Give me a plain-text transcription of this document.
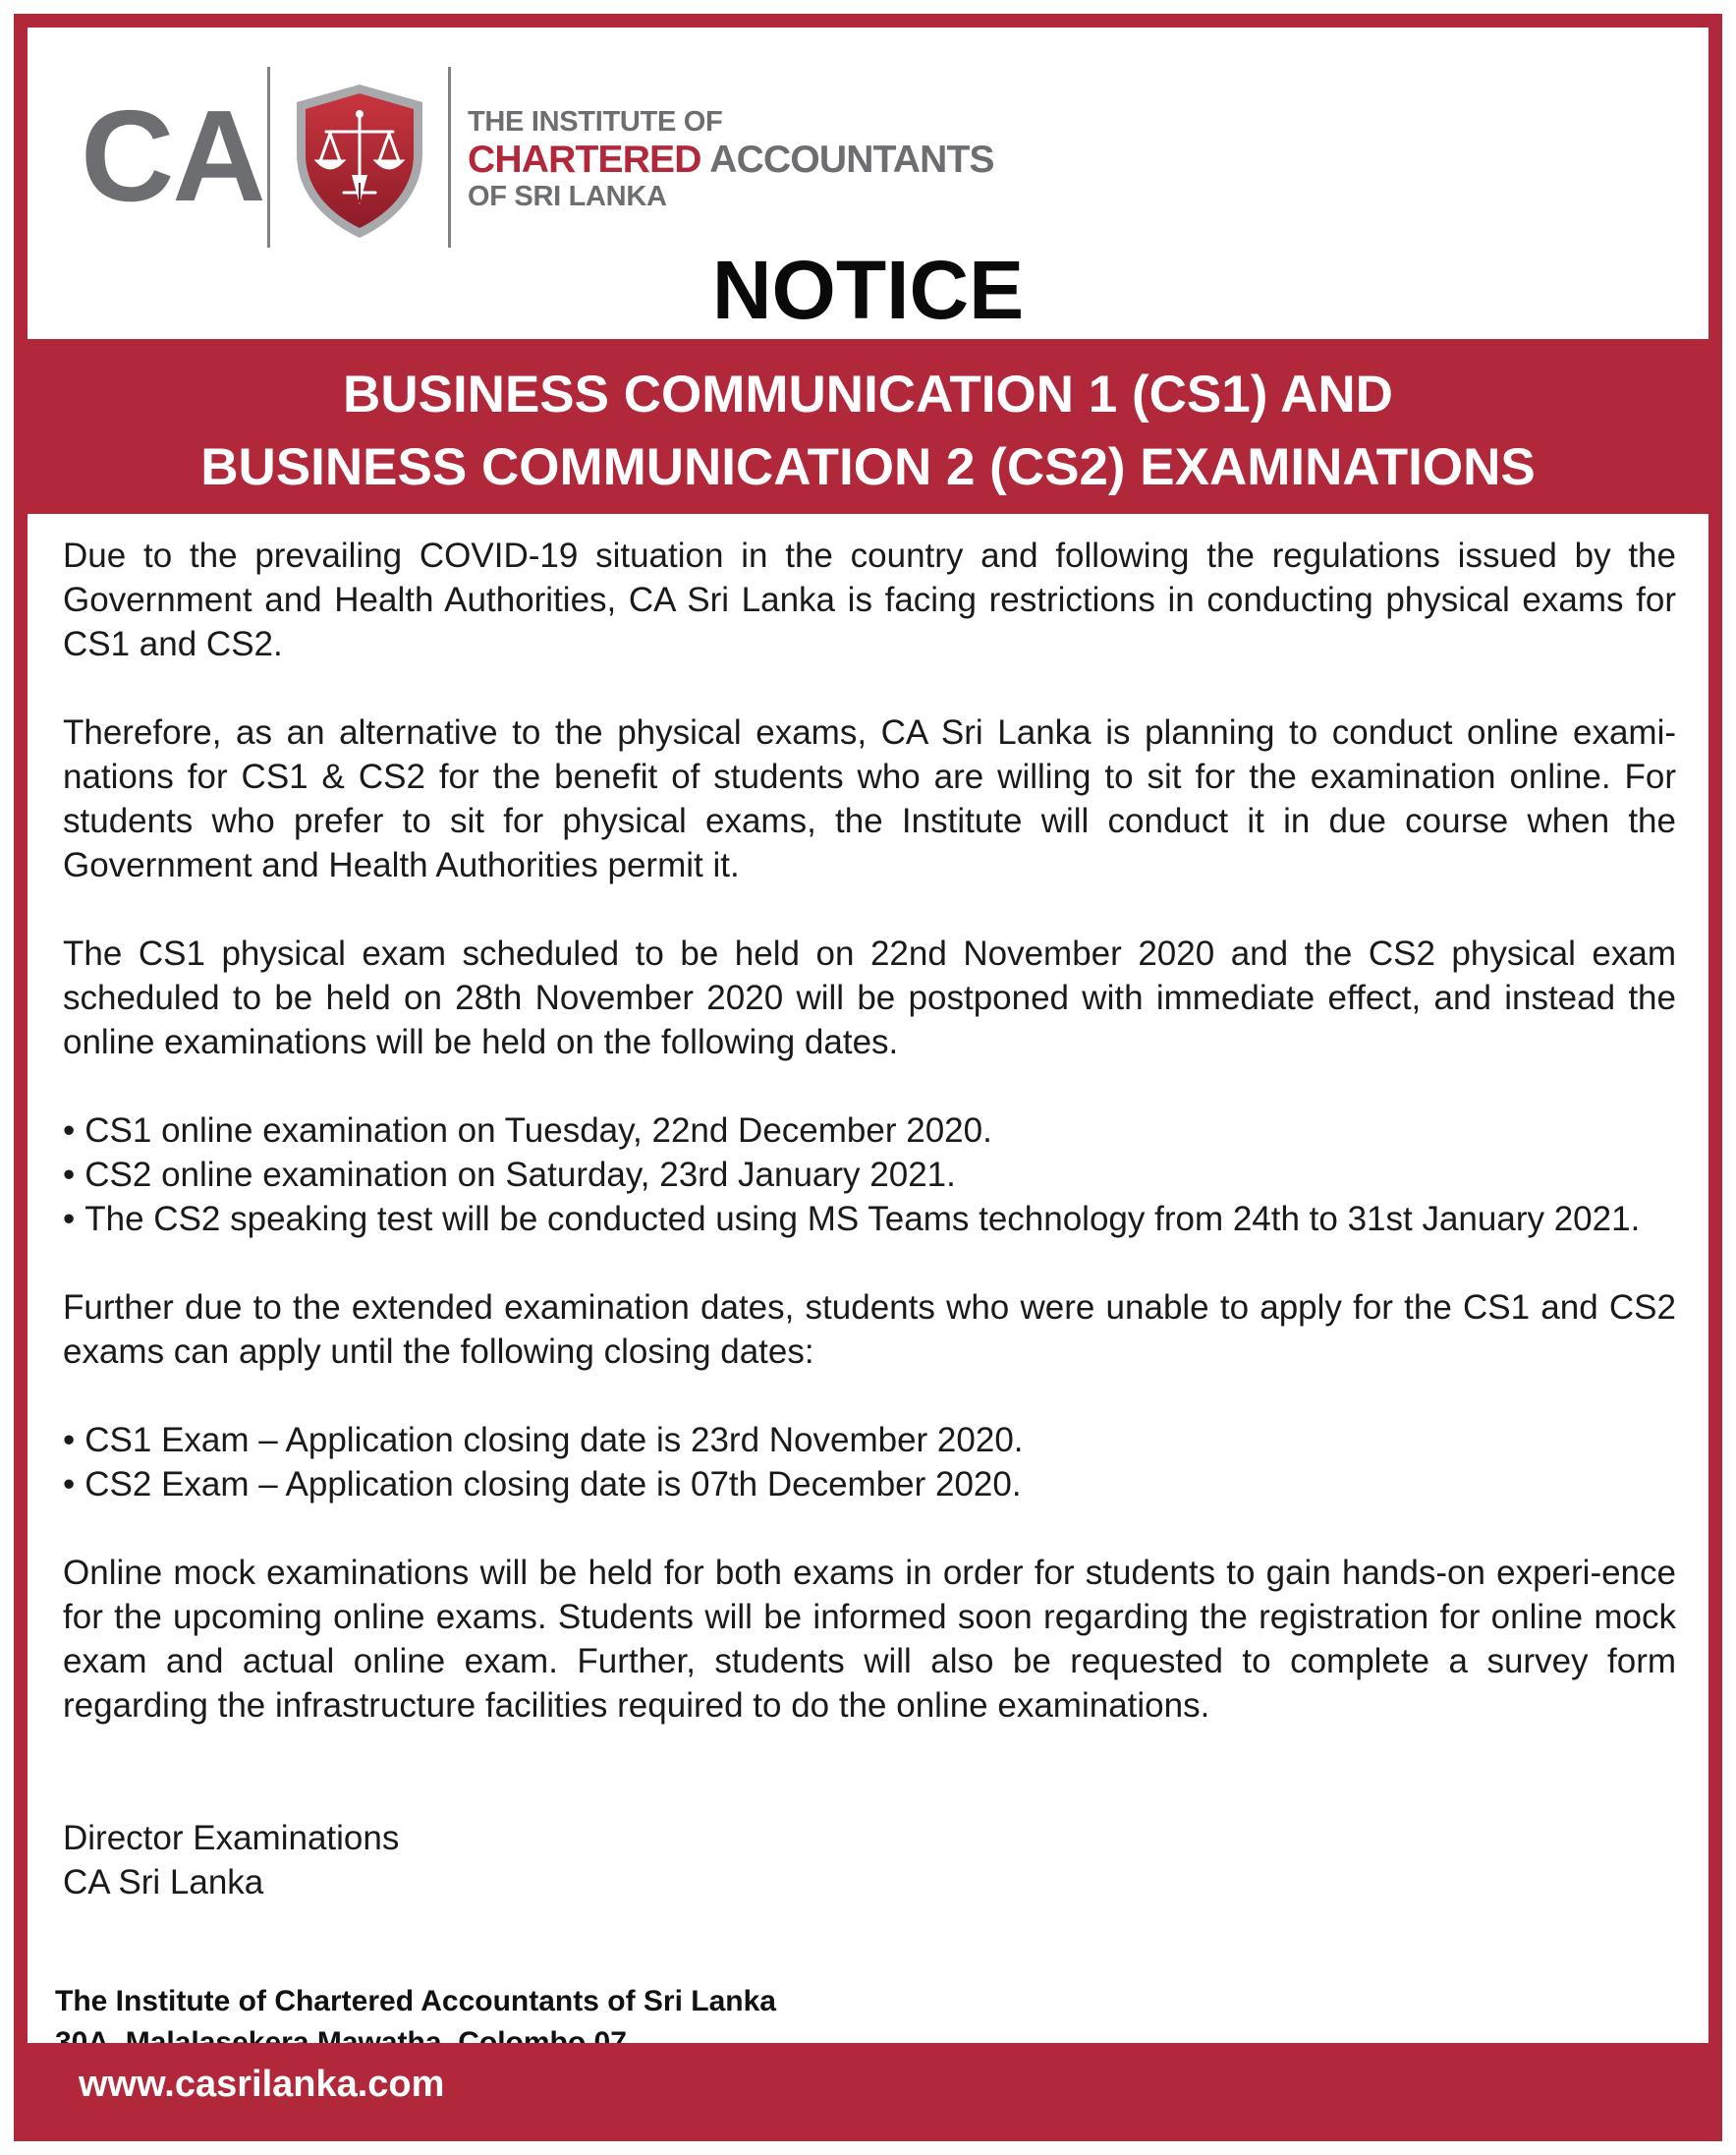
CA	THE INSTITUTE OF
CHARTERED ACCOUNTANTS
OF SRI LANKA
NOTICE
BUSINESS COMMUNICATION 1 (CS1) AND
BUSINESS COMMUNICATION 2 (CS2) EXAMINATIONS

Due to the prevailing COVID-19 situation in the country and following the regulations issued by the Government and Health Authorities, CA Sri Lanka is facing restrictions in conducting physical exams for CS1 and CS2.

Therefore, as an alternative to the physical exams, CA Sri Lanka is planning to conduct online exami-nations for CS1 & CS2 for the benefit of students who are willing to sit for the examination online. For students who prefer to sit for physical exams, the Institute will conduct it in due course when the Government and Health Authorities permit it.

The CS1 physical exam scheduled to be held on 22nd November 2020 and the CS2 physical exam scheduled to be held on 28th November 2020 will be postponed with immediate effect, and instead the online examinations will be held on the following dates.

• CS1 online examination on Tuesday, 22nd December 2020.
• CS2 online examination on Saturday, 23rd January 2021.
• The CS2 speaking test will be conducted using MS Teams technology from 24th to 31st January 2021.

Further due to the extended examination dates, students who were unable to apply for the CS1 and CS2 exams can apply until the following closing dates:

• CS1 Exam – Application closing date is 23rd November 2020.
• CS2 Exam – Application closing date is 07th December 2020.

Online mock examinations will be held for both exams in order for students to gain hands-on experi-ence for the upcoming online exams. Students will be informed soon regarding the registration for online mock exam and actual online exam. Further, students will also be requested to complete a survey form regarding the infrastructure facilities required to do the online examinations.

Director Examinations
CA Sri Lanka
The Institute of Chartered Accountants of Sri Lanka
www.casrilanka.com
